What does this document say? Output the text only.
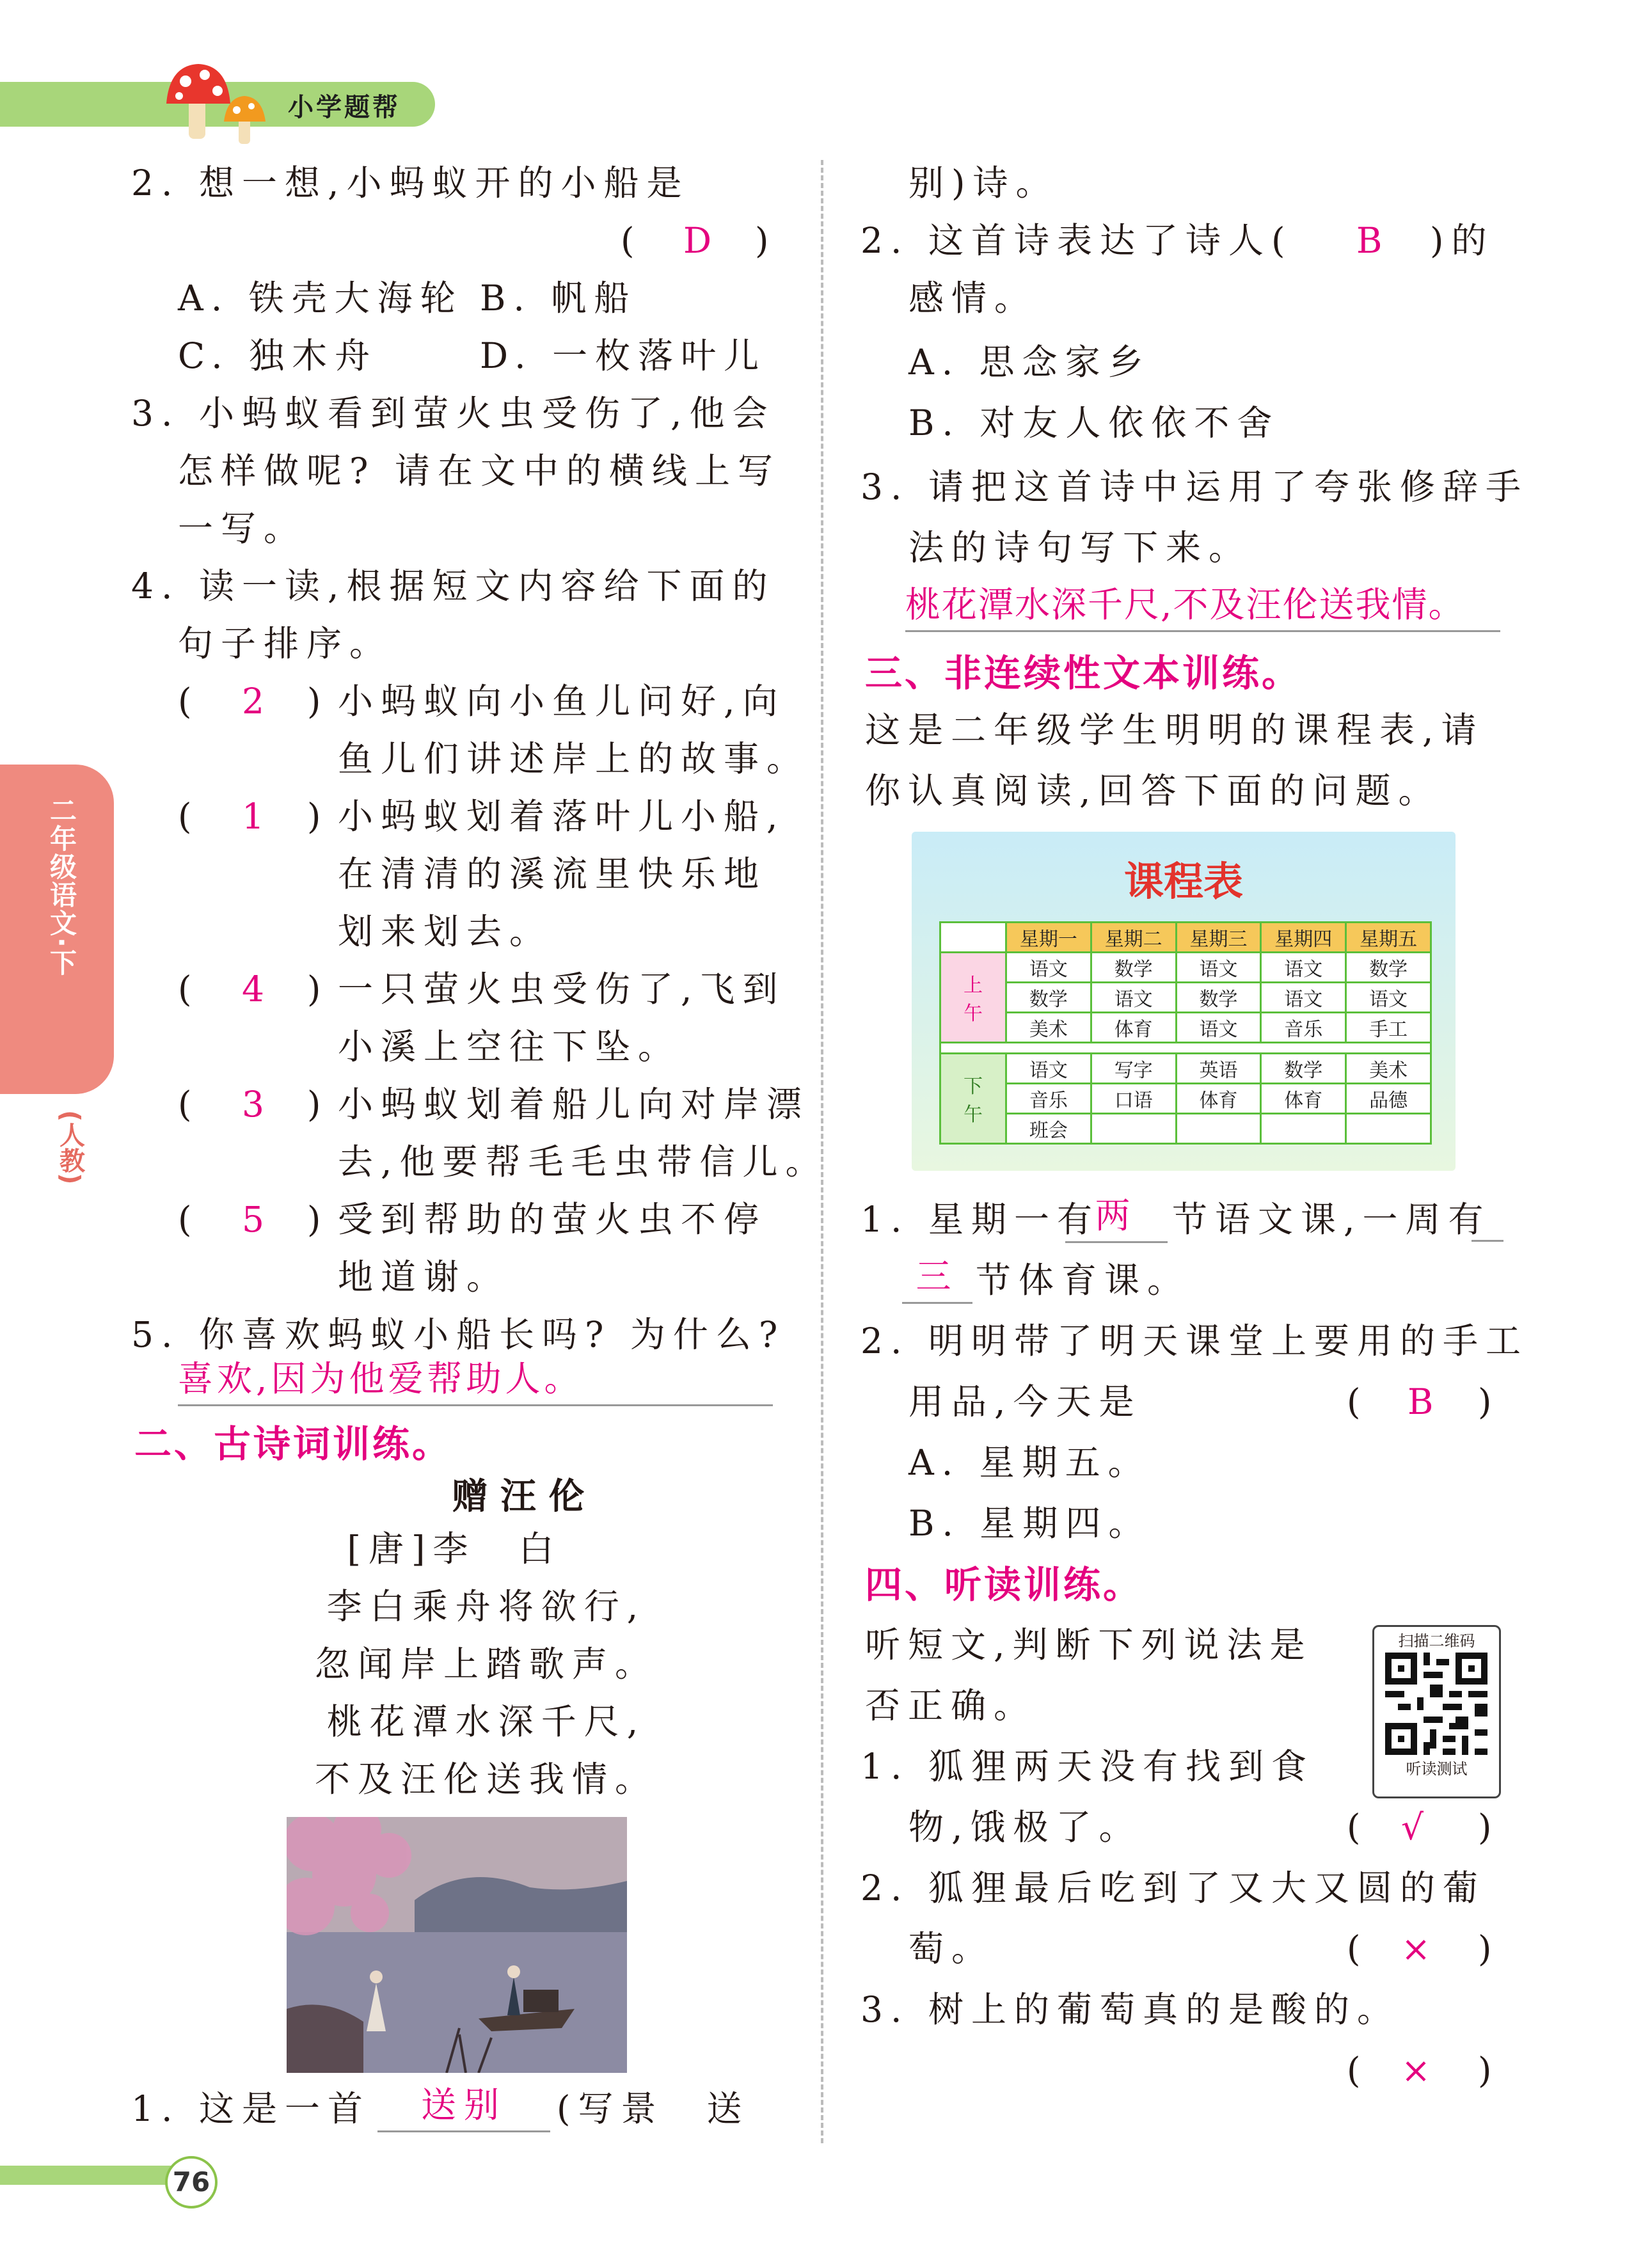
小学题帮
二年级语文·下
(人教)
2. 想一想,小蚂蚁开的小船是
( D )
A. 铁壳大海轮 B. 帆船
C. 独木舟	D. 一枚落叶儿
3. 小蚂蚁看到萤火虫受伤了,他会
怎样做呢? 请在文中的横线上写
一写。
4. 读一读,根据短文内容给下面的
句子排序。
( 2 ) 小蚂蚁向小鱼儿问好,向
鱼儿们讲述岸上的故事。
( 1 ) 小蚂蚁划着落叶儿小船,
在清清的溪流里快乐地
划来划去。
( 4 ) 一只萤火虫受伤了,飞到
小溪上空往下坠。
( 3 ) 小蚂蚁划着船儿向对岸漂
去,他要帮毛毛虫带信儿。
( 5 ) 受到帮助的萤火虫不停
地道谢。
5. 你喜欢蚂蚁小船长吗? 为什么?
喜欢,因为他爱帮助人。
二、古诗词训练。
赠 汪 伦
[唐]李　白
李白乘舟将欲行,
忽闻岸上踏歌声。
桃花潭水深千尺,
不及汪伦送我情。
1. 这是一首	送别	(写景　送
76
别)诗。
2. 这首诗表达了诗人( B )的
感情。
A. 思念家乡
B. 对友人依依不舍
3. 请把这首诗中运用了夸张修辞手
法的诗句写下来。
桃花潭水深千尺,不及汪伦送我情。
三、非连续性文本训练。
这是二年级学生明明的课程表,请
你认真阅读,回答下面的问题。
课程表
	星期一	星期二	星期三	星期四	星期五
上
午	语文	数学	语文	语文	数学
	数学	语文	数学	语文	语文
	美术	体育	语文	音乐	手工

下
午	语文	写字	英语	数学	美术
	音乐	口语	体育	体育	品德
	班会				
1. 星期一有
两 节语文课,一周有
三 节体育课。
2. 明明带了明天课堂上要用的手工
用品,今天是	( B )
A. 星期五。
B. 星期四。
四、听读训练。
听短文,判断下列说法是
否正确。
扫描二维码
听读测试
1. 狐狸两天没有找到食
物,饿极了。	( √ )
2. 狐狸最后吃到了又大又圆的葡
萄。	( × )
3. 树上的葡萄真的是酸的。
( × )
